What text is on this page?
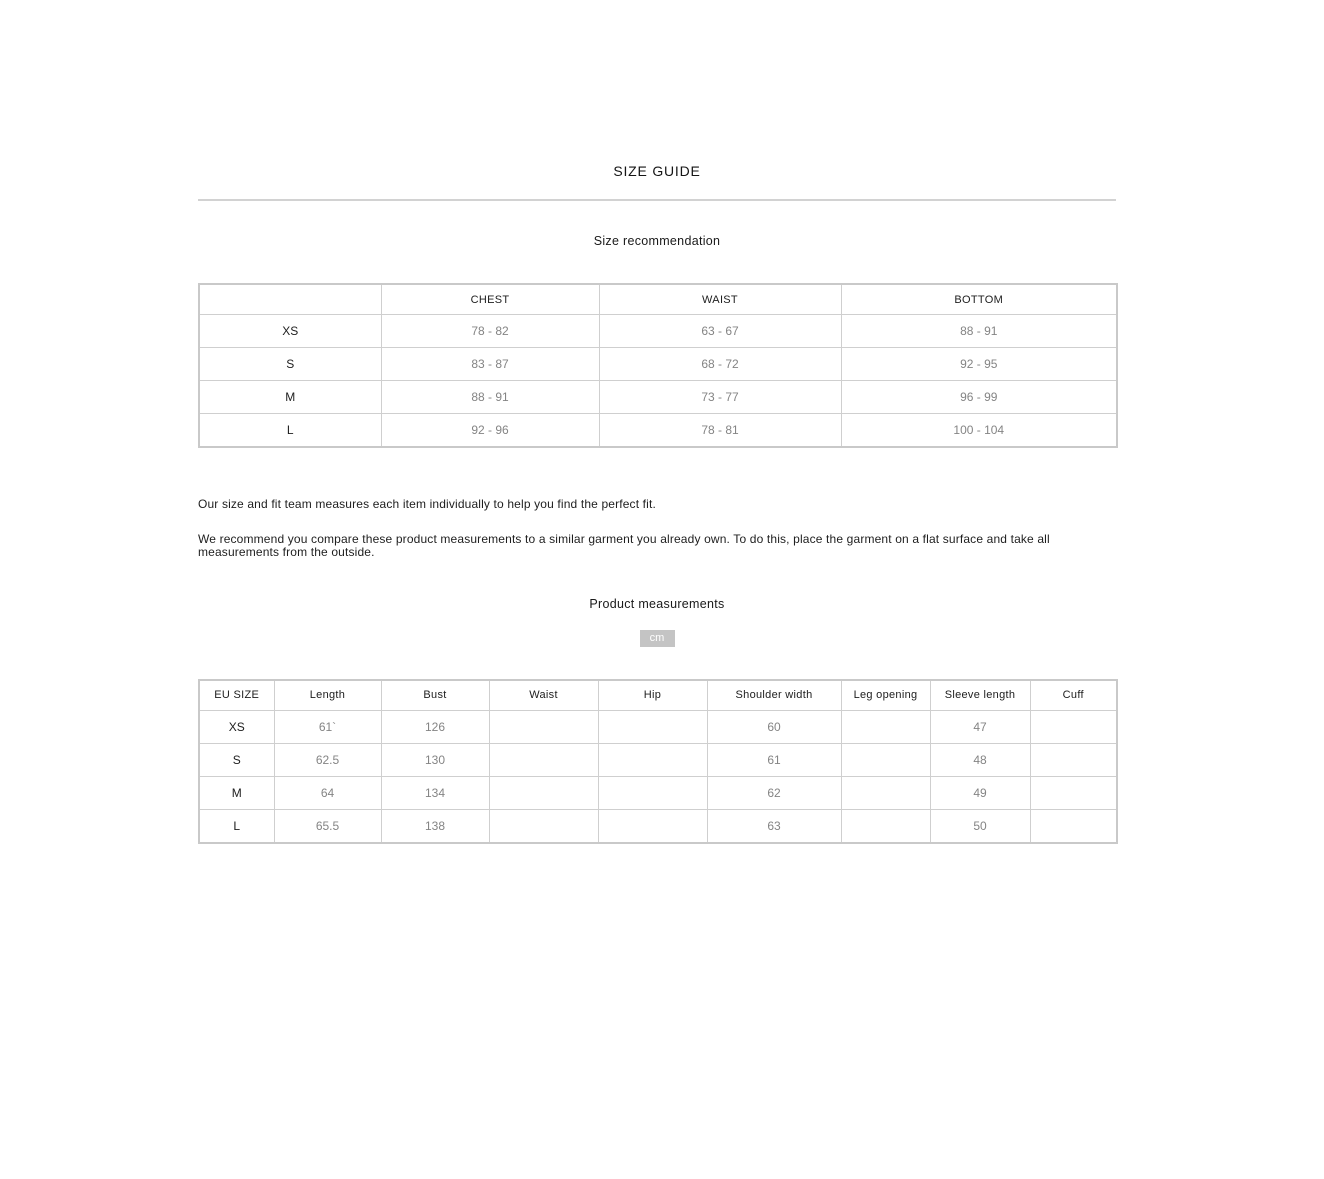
SIZE GUIDE
Size recommendation
	CHEST	WAIST	BOTTOM
XS	78 - 82	63 - 67	88 - 91
S	83 - 87	68 - 72	92 - 95
M	88 - 91	73 - 77	96 - 99
L	92 - 96	78 - 81	100 - 104

Our size and fit team measures each item individually to help you find the perfect fit.

We recommend you compare these product measurements to a similar garment you already own. To do this, place the garment on a flat surface and take all measurements from the outside.

Product measurements
cm
EU SIZE	Length	Bust	Waist	Hip	Shoulder width	Leg opening	Sleeve length	Cuff
XS	61`	126			60		47	
S	62.5	130			61		48	
M	64	134			62		49	
L	65.5	138			63		50	
